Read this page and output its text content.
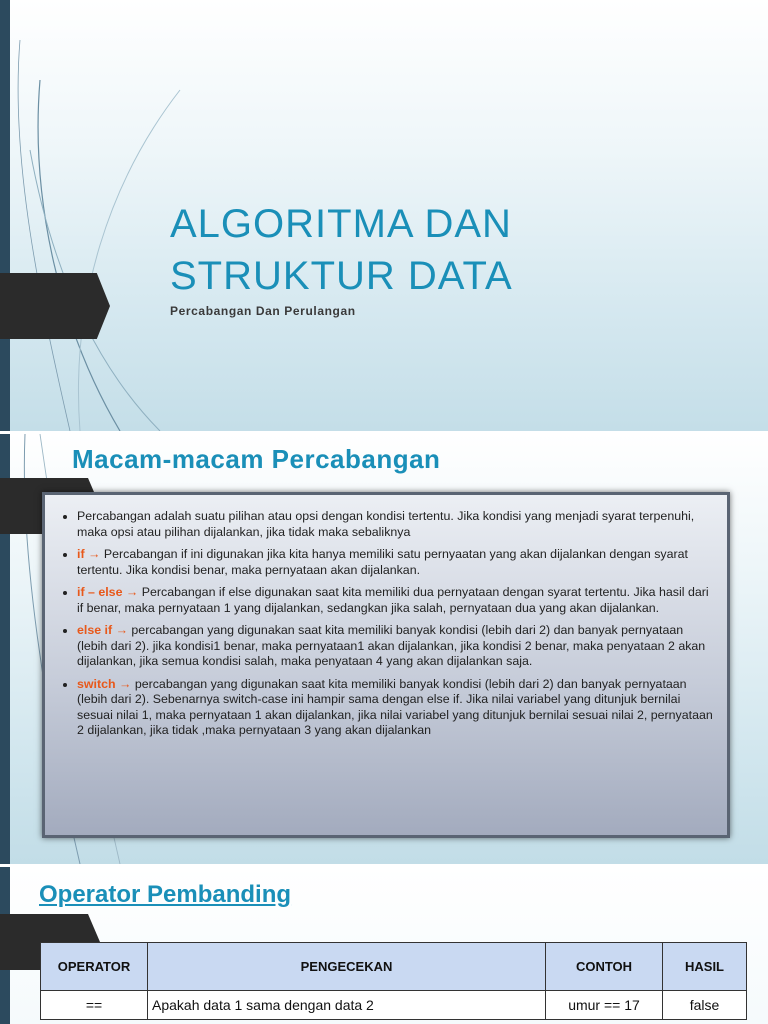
ALGORITMA DAN
STRUKTUR DATA
Percabangan Dan Perulangan
Macam-macam Percabangan
• Percabangan adalah suatu pilihan atau opsi dengan kondisi tertentu. Jika kondisi yang menjadi syarat terpenuhi, maka opsi atau pilihan dijalankan, jika tidak maka sebaliknya
• if → Percabangan if ini digunakan jika kita hanya memiliki satu pernyaatan yang akan dijalankan dengan syarat tertentu. Jika kondisi benar, maka pernyataan akan dijalankan.
• if – else → Percabangan if else digunakan saat kita memiliki dua pernyataan dengan syarat tertentu. Jika hasil dari if benar, maka pernyataan 1 yang dijalankan, sedangkan jika salah, pernyataan dua yang akan dijalankan.
• else if → percabangan yang digunakan saat kita memiliki banyak kondisi (lebih dari 2) dan banyak pernyataan (lebih dari 2). jika kondisi1 benar, maka pernyataan1 akan dijalankan, jika kondisi 2 benar, maka penyataan 2 akan dijalankan, jika semua kondisi salah, maka penyataan 4 yang akan dijalankan saja.
• switch → percabangan yang digunakan saat kita memiliki banyak kondisi (lebih dari 2) dan banyak pernyataan (lebih dari 2). Sebenarnya switch-case ini hampir sama dengan else if. Jika nilai variabel yang ditunjuk bernilai sesuai nilai 1, maka pernyataan 1 akan dijalankan, jika nilai variabel yang ditunjuk bernilai sesuai nilai 2, pernyataan 2 dijalankan, jika tidak ,maka pernyataan 3 yang akan dijalankan
Operator Pembanding
OPERATOR	PENGECEKAN	CONTOH	HASIL
==	Apakah data 1 sama dengan data 2	umur == 17	false
